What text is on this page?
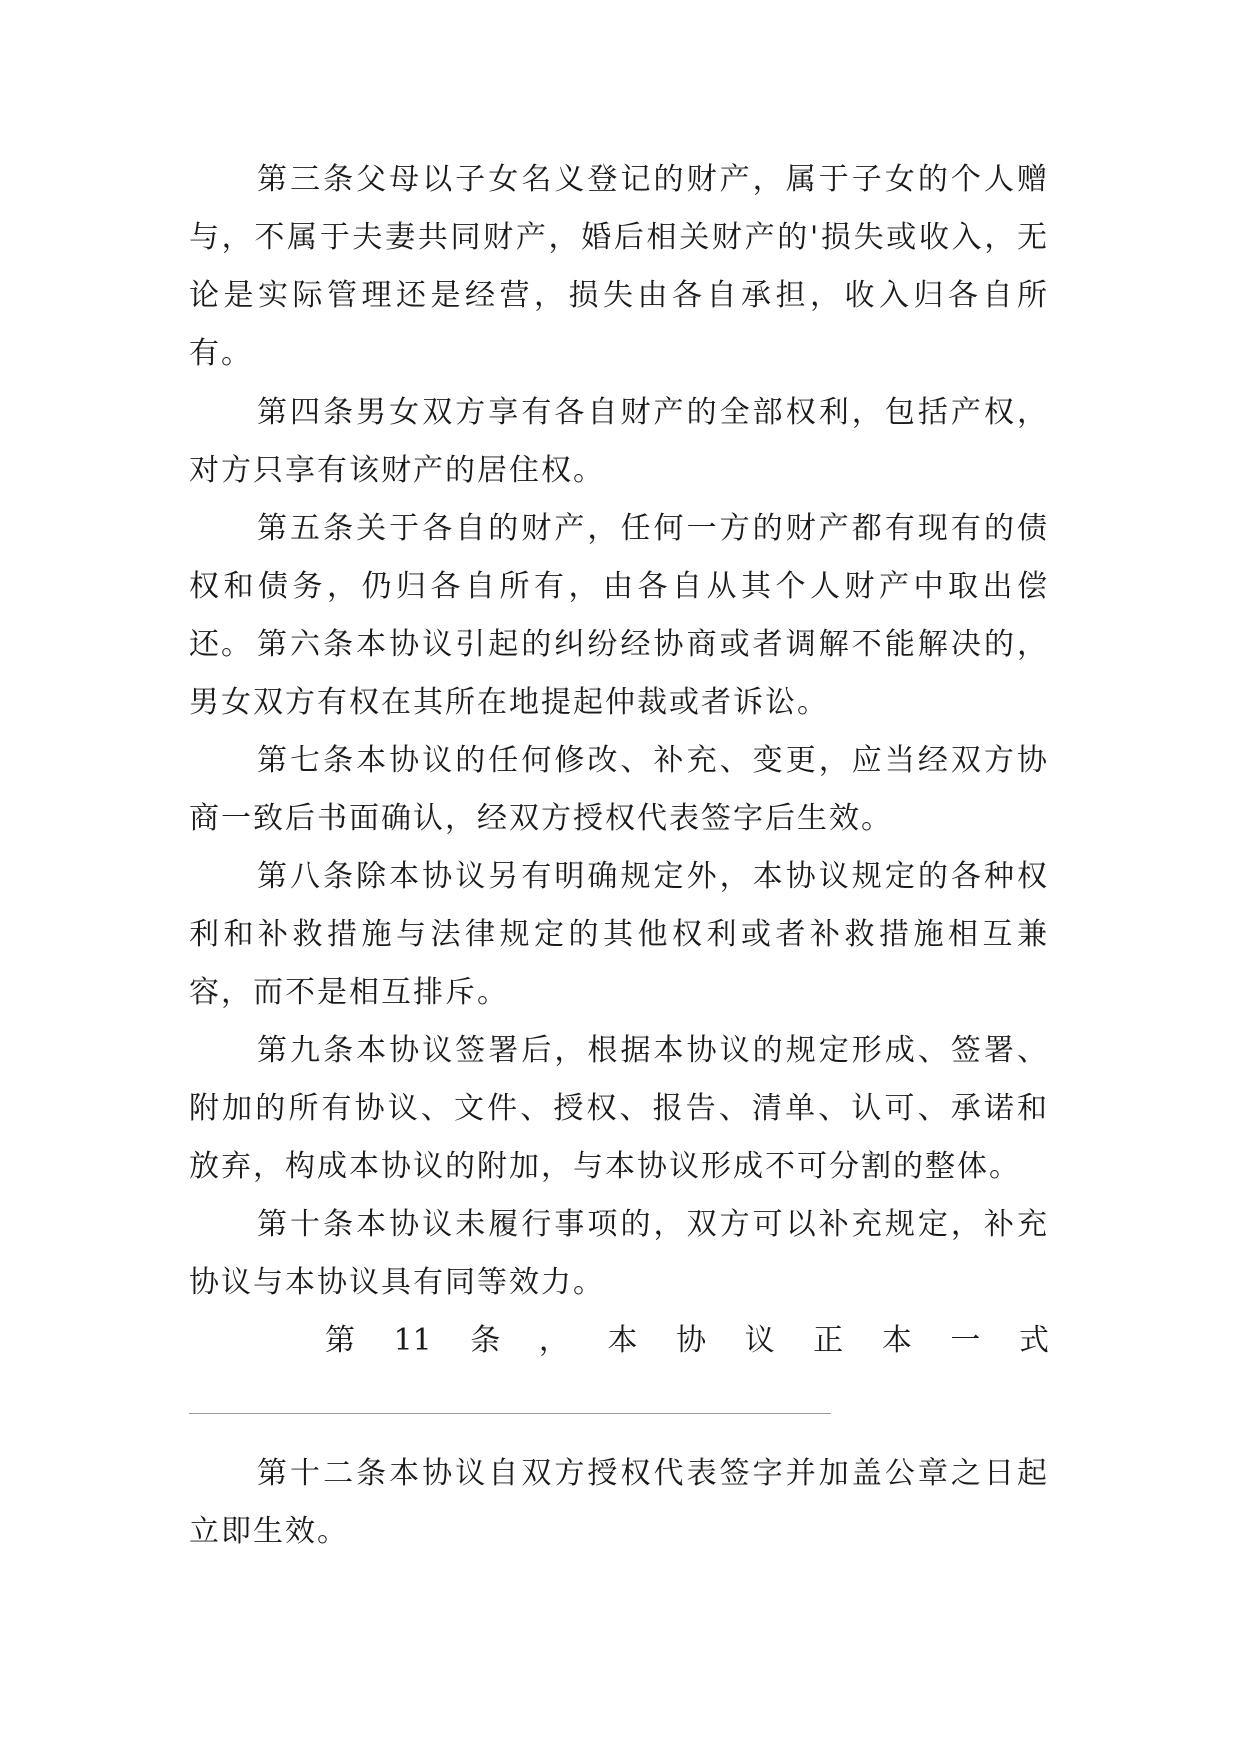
第三条父母以子女名义登记的财产，属于子女的个人赠与，不属于夫妻共同财产，婚后相关财产的'损失或收入，无论是实际管理还是经营，损失由各自承担，收入归各自所有。

第四条男女双方享有各自财产的全部权利，包括产权，对方只享有该财产的居住权。

第五条关于各自的财产，任何一方的财产都有现有的债权和债务，仍归各自所有，由各自从其个人财产中取出偿还。 第六条本协议引起的纠纷经协商或者调解不能解决的，男女双方有权在其所在地提起仲裁或者诉讼。

第七条本协议的任何修改、补充、变更，应当经双方协商一致后书面确认，经双方授权代表签字后生效。

第八条除本协议另有明确规定外，本协议规定的各种权利和补救措施与法律规定的其他权利或者补救措施相互兼容，而不是相互排斥。

第九条本协议签署后，根据本协议的规定形成、签署、附加的所有协议、文件、授权、报告、清单、认可、承诺和放弃，构成本协议的附加，与本协议形成不可分割的整体。

第十条本协议未履行事项的，双方可以补充规定，补充协议与本协议具有同等效力。

第 11 条 ， 本 协 议 正 本 一 式

第十二条本协议自双方授权代表签字并加盖公章之日起立即生效。
